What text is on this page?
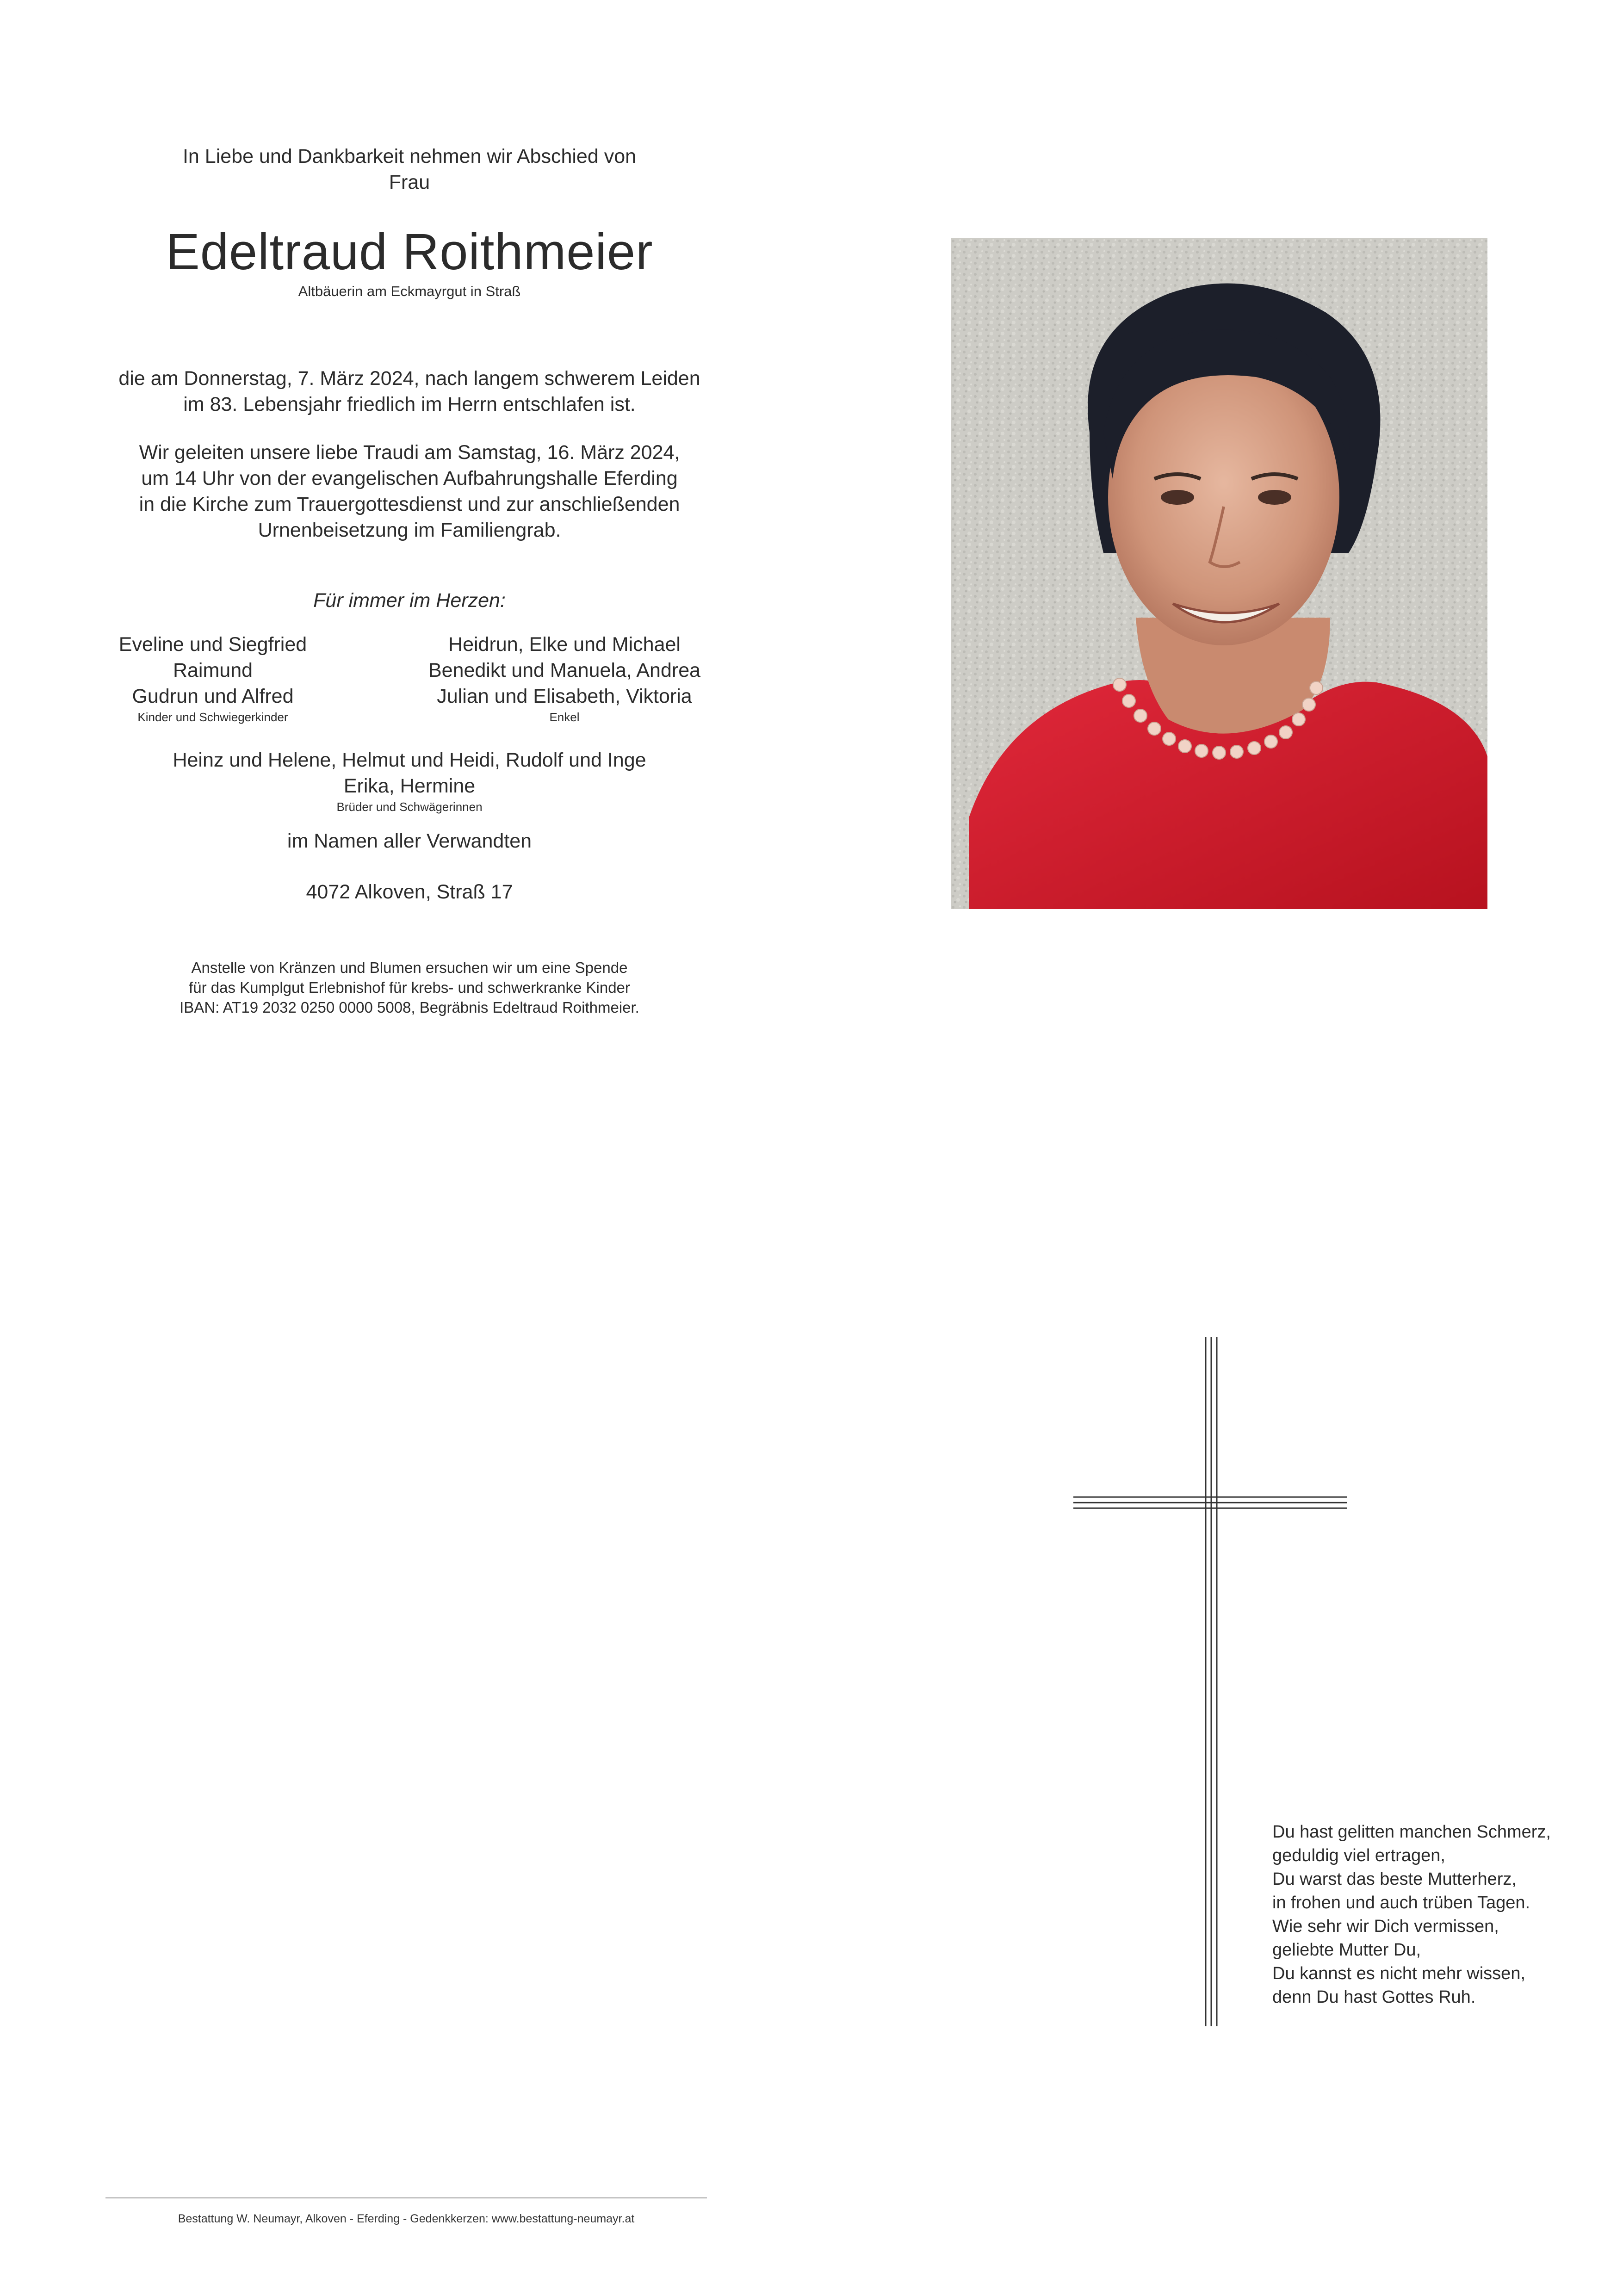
In Liebe und Dankbarkeit nehmen wir Abschied von
Frau
Edeltraud Roithmeier
Altbäuerin am Eckmayrgut in Straß
die am Donnerstag, 7. März 2024, nach langem schwerem Leiden
im 83. Lebensjahr friedlich im Herrn entschlafen ist.
Wir geleiten unsere liebe Traudi am Samstag, 16. März 2024,
um 14 Uhr von der evangelischen Aufbahrungshalle Eferding
in die Kirche zum Trauergottesdienst und zur anschließenden
Urnenbeisetzung im Familiengrab.
Für immer im Herzen:
Eveline und Siegfried
Raimund
Gudrun und Alfred
Kinder und Schwiegerkinder
Heidrun, Elke und Michael
Benedikt und Manuela, Andrea
Julian und Elisabeth, Viktoria
Enkel
Heinz und Helene, Helmut und Heidi, Rudolf und Inge
Erika, Hermine
Brüder und Schwägerinnen
im Namen aller Verwandten
4072 Alkoven, Straß 17
Anstelle von Kränzen und Blumen ersuchen wir um eine Spende
für das Kumplgut Erlebnishof für krebs- und schwerkranke Kinder
IBAN: AT19 2032 0250 0000 5008, Begräbnis Edeltraud Roithmeier.
Du hast gelitten manchen Schmerz,
geduldig viel ertragen,
Du warst das beste Mutterherz,
in frohen und auch trüben Tagen.
Wie sehr wir Dich vermissen,
geliebte Mutter Du,
Du kannst es nicht mehr wissen,
denn Du hast Gottes Ruh.
Bestattung W. Neumayr, Alkoven - Eferding - Gedenkkerzen: www.bestattung-neumayr.at
